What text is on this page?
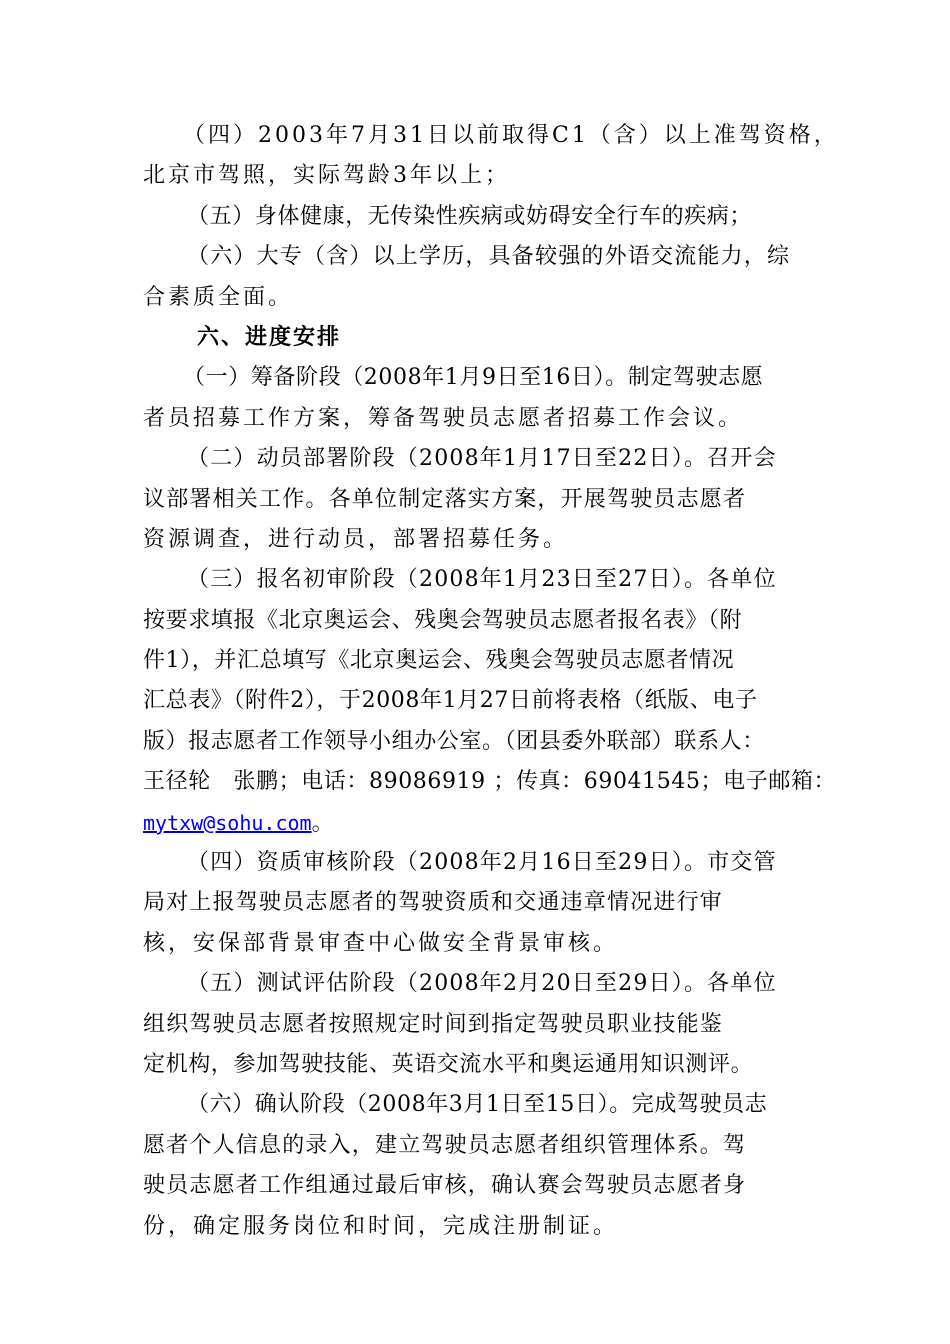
（四）2003年7月31日以前取得C1（含）以上准驾资格，
北京市驾照，实际驾龄3年以上；
（五）身体健康，无传染性疾病或妨碍安全行车的疾病；
（六）大专（含）以上学历，具备较强的外语交流能力，综
合素质全面。
六、进度安排
（一）筹备阶段（2008年1月9日至16日）。制定驾驶志愿
者员招募工作方案，筹备驾驶员志愿者招募工作会议。
（二）动员部署阶段（2008年1月17日至22日）。召开会
议部署相关工作。各单位制定落实方案，开展驾驶员志愿者
资源调查，进行动员，部署招募任务。
（三）报名初审阶段（2008年1月23日至27日）。各单位
按要求填报《北京奥运会、残奥会驾驶员志愿者报名表》（附
件1），并汇总填写《北京奥运会、残奥会驾驶员志愿者情况
汇总表》（附件2），于2008年1月27日前将表格（纸版、电子
版）报志愿者工作领导小组办公室。（团县委外联部）联系人：
王径轮　张鹏；电话：89086919 ；传真：69041545；电子邮箱：
mytxw@sohu.com。
（四）资质审核阶段（2008年2月16日至29日）。市交管
局对上报驾驶员志愿者的驾驶资质和交通违章情况进行审
核，安保部背景审查中心做安全背景审核。
（五）测试评估阶段（2008年2月20日至29日）。各单位
组织驾驶员志愿者按照规定时间到指定驾驶员职业技能鉴
定机构，参加驾驶技能、英语交流水平和奥运通用知识测评。
（六）确认阶段（2008年3月1日至15日）。完成驾驶员志
愿者个人信息的录入，建立驾驶员志愿者组织管理体系。驾
驶员志愿者工作组通过最后审核，确认赛会驾驶员志愿者身
份，确定服务岗位和时间，完成注册制证。
